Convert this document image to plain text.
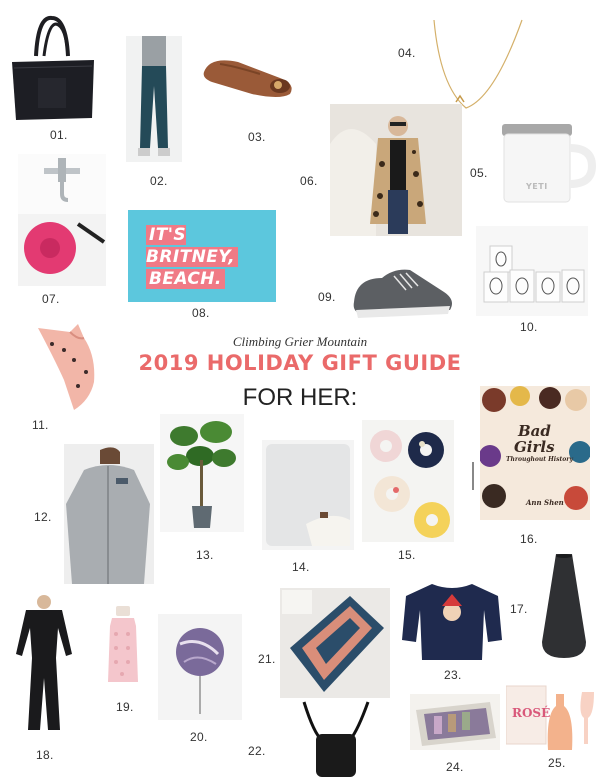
01.
02.
03.
04.
YETI
05.
06.
07.
IT'S BRITNEY,
BEACH.
08.
09.
10.
11.
Climbing Grier Mountain
2019 HOLIDAY GIFT GUIDE
FOR HER:
12.
13.
14.
15.
Bad
Girls
Throughout History
Ann Shen
16.
17.
18.
19.
20.
21.
22.
23.
24.
ROSÉ
25.
